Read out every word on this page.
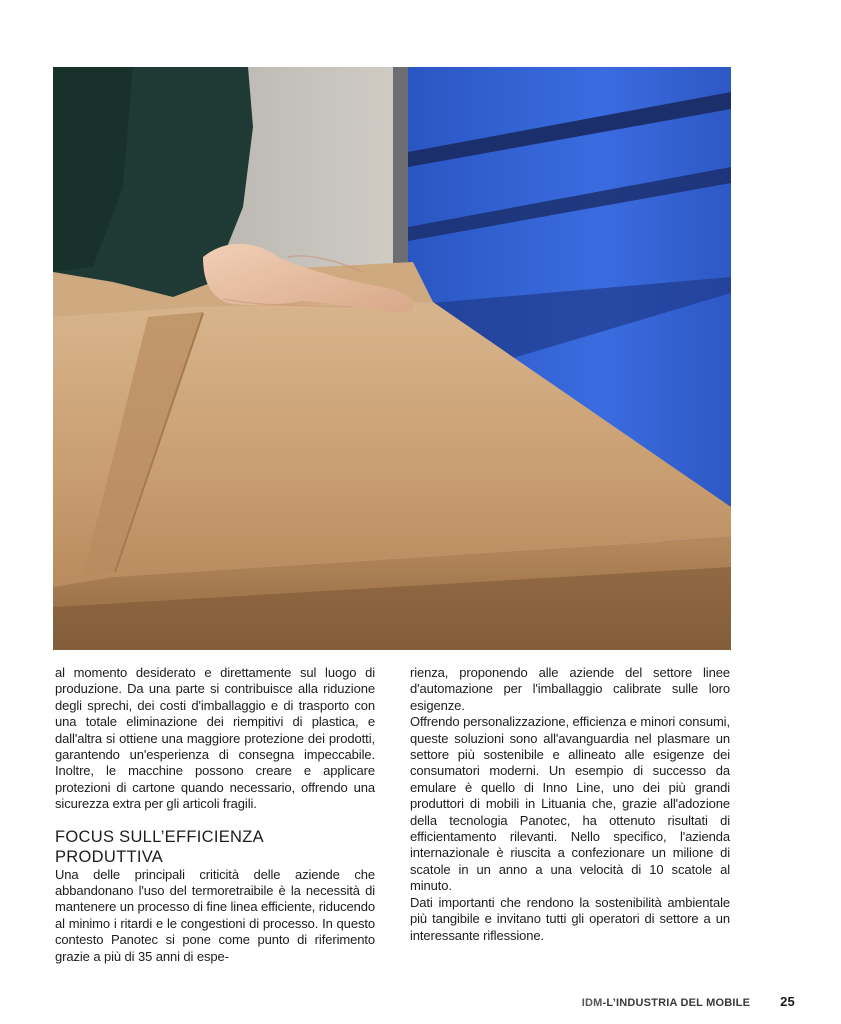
al momento desiderato e direttamente sul luogo di produzione. Da una parte si contribuisce alla riduzione degli sprechi, dei costi d'imballaggio e di trasporto con una totale eliminazione dei riempitivi di plastica, e dall'altra si ottiene una maggiore protezione dei prodotti, garantendo un'esperienza di consegna impeccabile. Inoltre, le macchine possono creare e applicare protezioni di cartone quando necessario, offrendo una sicurezza extra per gli articoli fragili.

FOCUS SULL’EFFICIENZA PRODUTTIVA

Una delle principali criticità delle aziende che abbandonano l'uso del termoretraibile è la necessità di mantenere un processo di fine linea efficiente, riducendo al minimo i ritardi e le congestioni di processo. In questo contesto Panotec si pone come punto di riferimento grazie a più di 35 anni di espe-

rienza, proponendo alle aziende del settore linee d'automazione per l'imballaggio calibrate sulle loro esigenze.

Offrendo personalizzazione, efficienza e minori consumi, queste soluzioni sono all'avanguardia nel plasmare un settore più sostenibile e allineato alle esigenze dei consumatori moderni. Un esempio di successo da emulare è quello di Inno Line, uno dei più grandi produttori di mobili in Lituania che, grazie all'adozione della tecnologia Panotec, ha ottenuto risultati di efficientamento rilevanti. Nello specifico, l'azienda internazionale è riuscita a confezionare un milione di scatole in un anno a una velocità di 10 scatole al minuto.

Dati importanti che rendono la sostenibilità ambientale più tangibile e invitano tutti gli operatori di settore a un interessante riflessione.

IDM-L’INDUSTRIA DEL MOBILE 25
